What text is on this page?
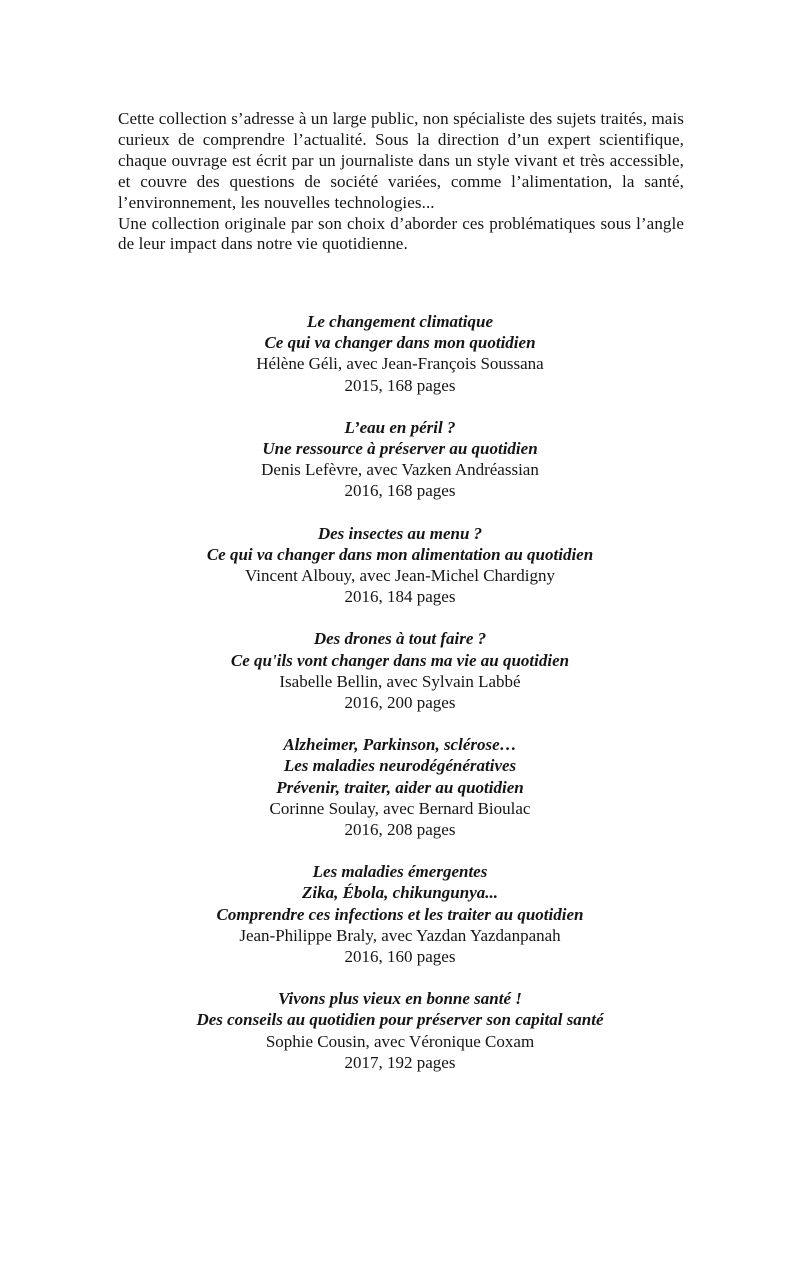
Cette collection s’adresse à un large public, non spécialiste des sujets traités, mais curieux de comprendre l’actualité. Sous la direction d’un expert scientifique, chaque ouvrage est écrit par un journaliste dans un style vivant et très accessible, et couvre des questions de société variées, comme l’alimentation, la santé, l’environnement, les nouvelles technologies...

Une collection originale par son choix d’aborder ces problématiques sous l’angle de leur impact dans notre vie quotidienne.

Le changement climatique

Ce qui va changer dans mon quotidien

Hélène Géli, avec Jean-François Soussana

2015, 168 pages

L’eau en péril ?

Une ressource à préserver au quotidien

Denis Lefèvre, avec Vazken Andréassian

2016, 168 pages

Des insectes au menu ?

Ce qui va changer dans mon alimentation au quotidien

Vincent Albouy, avec Jean-Michel Chardigny

2016, 184 pages

Des drones à tout faire ?

Ce qu'ils vont changer dans ma vie au quotidien

Isabelle Bellin, avec Sylvain Labbé

2016, 200 pages

Alzheimer, Parkinson, sclérose…

Les maladies neurodégénératives

Prévenir, traiter, aider au quotidien

Corinne Soulay, avec Bernard Bioulac

2016, 208 pages

Les maladies émergentes

Zika, Ébola, chikungunya...

Comprendre ces infections et les traiter au quotidien

Jean-Philippe Braly, avec Yazdan Yazdanpanah

2016, 160 pages

Vivons plus vieux en bonne santé !

Des conseils au quotidien pour préserver son capital santé

Sophie Cousin, avec Véronique Coxam

2017, 192 pages
